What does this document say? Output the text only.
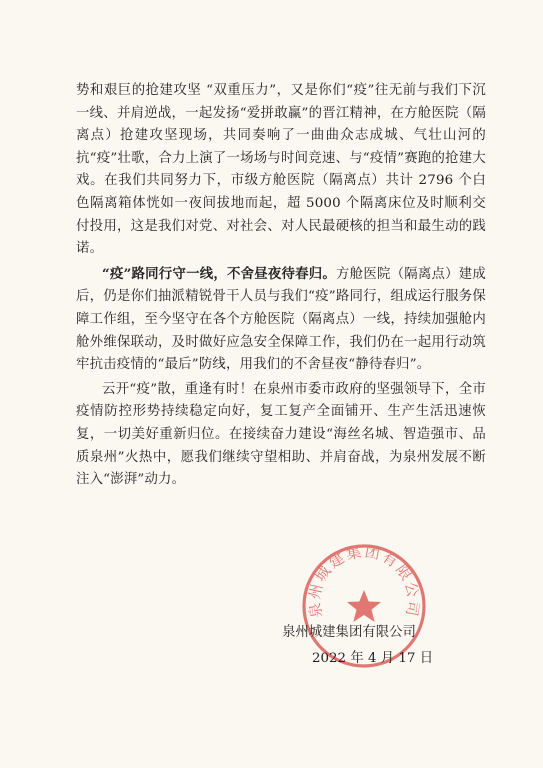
势和艰巨的抢建攻坚 “双重压力”，又是你们“疫”往无前与我们下沉一线、并肩逆战，一起发扬“爱拼敢赢”的晋江精神，在方舱医院（隔离点）抢建攻坚现场，共同奏响了一曲曲众志成城、气壮山河的抗“疫”壮歌，合力上演了一场场与时间竞速、与“疫情”赛跑的抢建大戏。在我们共同努力下，市级方舱医院（隔离点）共计 2796 个白色隔离箱体恍如一夜间拔地而起，超 5000 个隔离床位及时顺利交付投用，这是我们对党、对社会、对人民最硬核的担当和最生动的践诺。

“疫”路同行守一线，不舍昼夜待春归。方舱医院（隔离点）建成后，仍是你们抽派精锐骨干人员与我们“疫”路同行，组成运行服务保障工作组，至今坚守在各个方舱医院（隔离点）一线，持续加强舱内舱外维保联动，及时做好应急安全保障工作，我们仍在一起用行动筑牢抗击疫情的“最后”防线，用我们的不舍昼夜“静待春归”。

云开“疫”散，重逢有时！在泉州市委市政府的坚强领导下，全市疫情防控形势持续稳定向好，复工复产全面铺开、生产生活迅速恢复，一切美好重新归位。在接续奋力建设“海丝名城、智造强市、品质泉州”火热中，愿我们继续守望相助、并肩奋战，为泉州发展不断注入“澎湃”动力。

泉州城建集团有限公司
泉州城建集团有限公司
2022 年 4 月 17 日
